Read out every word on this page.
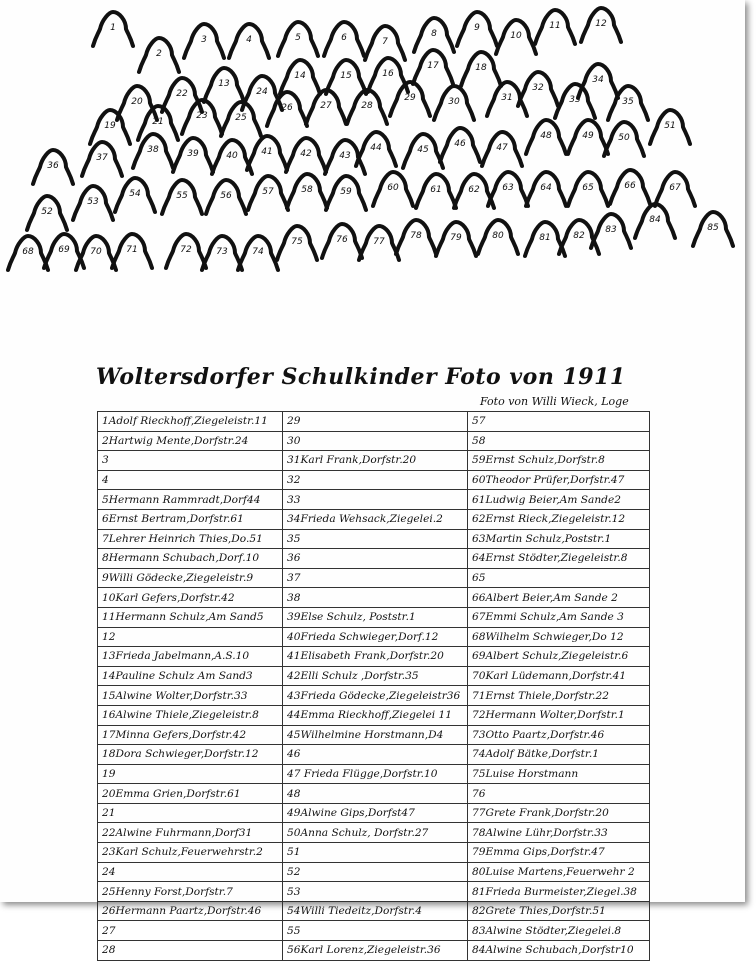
1
2
3	4	5	6	7
8
9
10
11	12
13
14	15	16
17	18
19
20
21
22
23
24
25
26	27	28
29	30	31
32
33
34
35
36
37
38	39	40	41	42	43
44	45
46	47
48	49	50
51
52
53
54	55	56	57	58	59	60	61	62	63	64	65	66	67
68	69 70	71	72	73	74
75	76	77
78	79	80	81	82
83
84
85
Woltersdorfer Schulkinder Foto von 1911
Foto von Willi Wieck, Loge
1Adolf Rieckhoff,Ziegeleistr.11	29	57
2Hartwig Mente,Dorfstr.24	30	58
3	31Karl Frank,Dorfstr.20	59Ernst Schulz,Dorfstr.8
4	32	60Theodor Prüfer,Dorfstr.47
5Hermann Rammradt,Dorf44	33	61Ludwig Beier,Am Sande2
6Ernst Bertram,Dorfstr.61	34Frieda Wehsack,Ziegelei.2	62Ernst Rieck,Ziegeleistr.12
7Lehrer Heinrich Thies,Do.51	35	63Martin Schulz,Poststr.1
8Hermann Schubach,Dorf.10	36	64Ernst Stödter,Ziegeleistr.8
9Willi Gödecke,Ziegeleistr.9	37	65
10Karl Gefers,Dorfstr.42	38	66Albert Beier,Am Sande 2
11Hermann Schulz,Am Sand5	39Else Schulz, Poststr.1	67Emmi Schulz,Am Sande 3
12	40Frieda Schwieger,Dorf.12	68Wilhelm Schwieger,Do 12
13Frieda Jabelmann,A.S.10	41Elisabeth Frank,Dorfstr.20	69Albert Schulz,Ziegeleistr.6
14Pauline Schulz Am Sand3	42Elli Schulz ,Dorfstr.35	70Karl Lüdemann,Dorfstr.41
15Alwine Wolter,Dorfstr.33	43Frieda Gödecke,Ziegeleistr36	71Ernst Thiele,Dorfstr.22
16Alwine Thiele,Ziegeleistr.8	44Emma Rieckhoff,Ziegelei 11	72Hermann Wolter,Dorfstr.1
17Minna Gefers,Dorfstr.42	45Wilhelmine Horstmann,D4	73Otto Paartz,Dorfstr.46
18Dora Schwieger,Dorfstr.12	46	74Adolf Bätke,Dorfstr.1
19	47 Frieda Flügge,Dorfstr.10	75Luise Horstmann
20Emma Grien,Dorfstr.61	48	76
21	49Alwine Gips,Dorfst47	77Grete Frank,Dorfstr.20
22Alwine Fuhrmann,Dorf31	50Anna Schulz, Dorfstr.27	78Alwine Lühr,Dorfstr.33
23Karl Schulz,Feuerwehrstr.2	51	79Emma Gips,Dorfstr.47
24	52	80Luise Martens,Feuerwehr 2
25Henny Forst,Dorfstr.7	53	81Frieda Burmeister,Ziegel.38
26Hermann Paartz,Dorfstr.46	54Willi Tiedeitz,Dorfstr.4	82Grete Thies,Dorfstr.51
27	55	83Alwine Stödter,Ziegelei.8
28	56Karl Lorenz,Ziegeleistr.36	84Alwine Schubach,Dorfstr10
